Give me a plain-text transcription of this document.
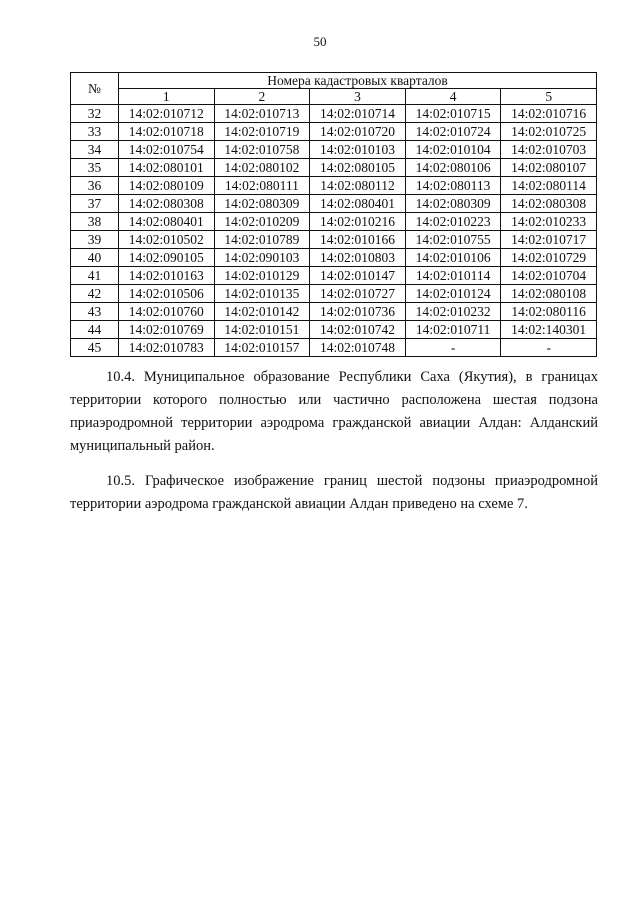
50
№	Номера кадастровых кварталов				
	1	2	3	4	5
32	14:02:010712	14:02:010713	14:02:010714	14:02:010715	14:02:010716
33	14:02:010718	14:02:010719	14:02:010720	14:02:010724	14:02:010725
34	14:02:010754	14:02:010758	14:02:010103	14:02:010104	14:02:010703
35	14:02:080101	14:02:080102	14:02:080105	14:02:080106	14:02:080107
36	14:02:080109	14:02:080111	14:02:080112	14:02:080113	14:02:080114
37	14:02:080308	14:02:080309	14:02:080401	14:02:080309	14:02:080308
38	14:02:080401	14:02:010209	14:02:010216	14:02:010223	14:02:010233
39	14:02:010502	14:02:010789	14:02:010166	14:02:010755	14:02:010717
40	14:02:090105	14:02:090103	14:02:010803	14:02:010106	14:02:010729
41	14:02:010163	14:02:010129	14:02:010147	14:02:010114	14:02:010704
42	14:02:010506	14:02:010135	14:02:010727	14:02:010124	14:02:080108
43	14:02:010760	14:02:010142	14:02:010736	14:02:010232	14:02:080116
44	14:02:010769	14:02:010151	14:02:010742	14:02:010711	14:02:140301
45	14:02:010783	14:02:010157	14:02:010748	-	-

10.4. Муниципальное образование Республики Саха (Якутия), в границах территории которого полностью или частично расположена шестая подзона приаэродромной территории аэродрома гражданской авиации Алдан: Алданский муниципальный район.

10.5. Графическое изображение границ шестой подзоны приаэродромной территории аэродрома гражданской авиации Алдан приведено на схеме 7.
